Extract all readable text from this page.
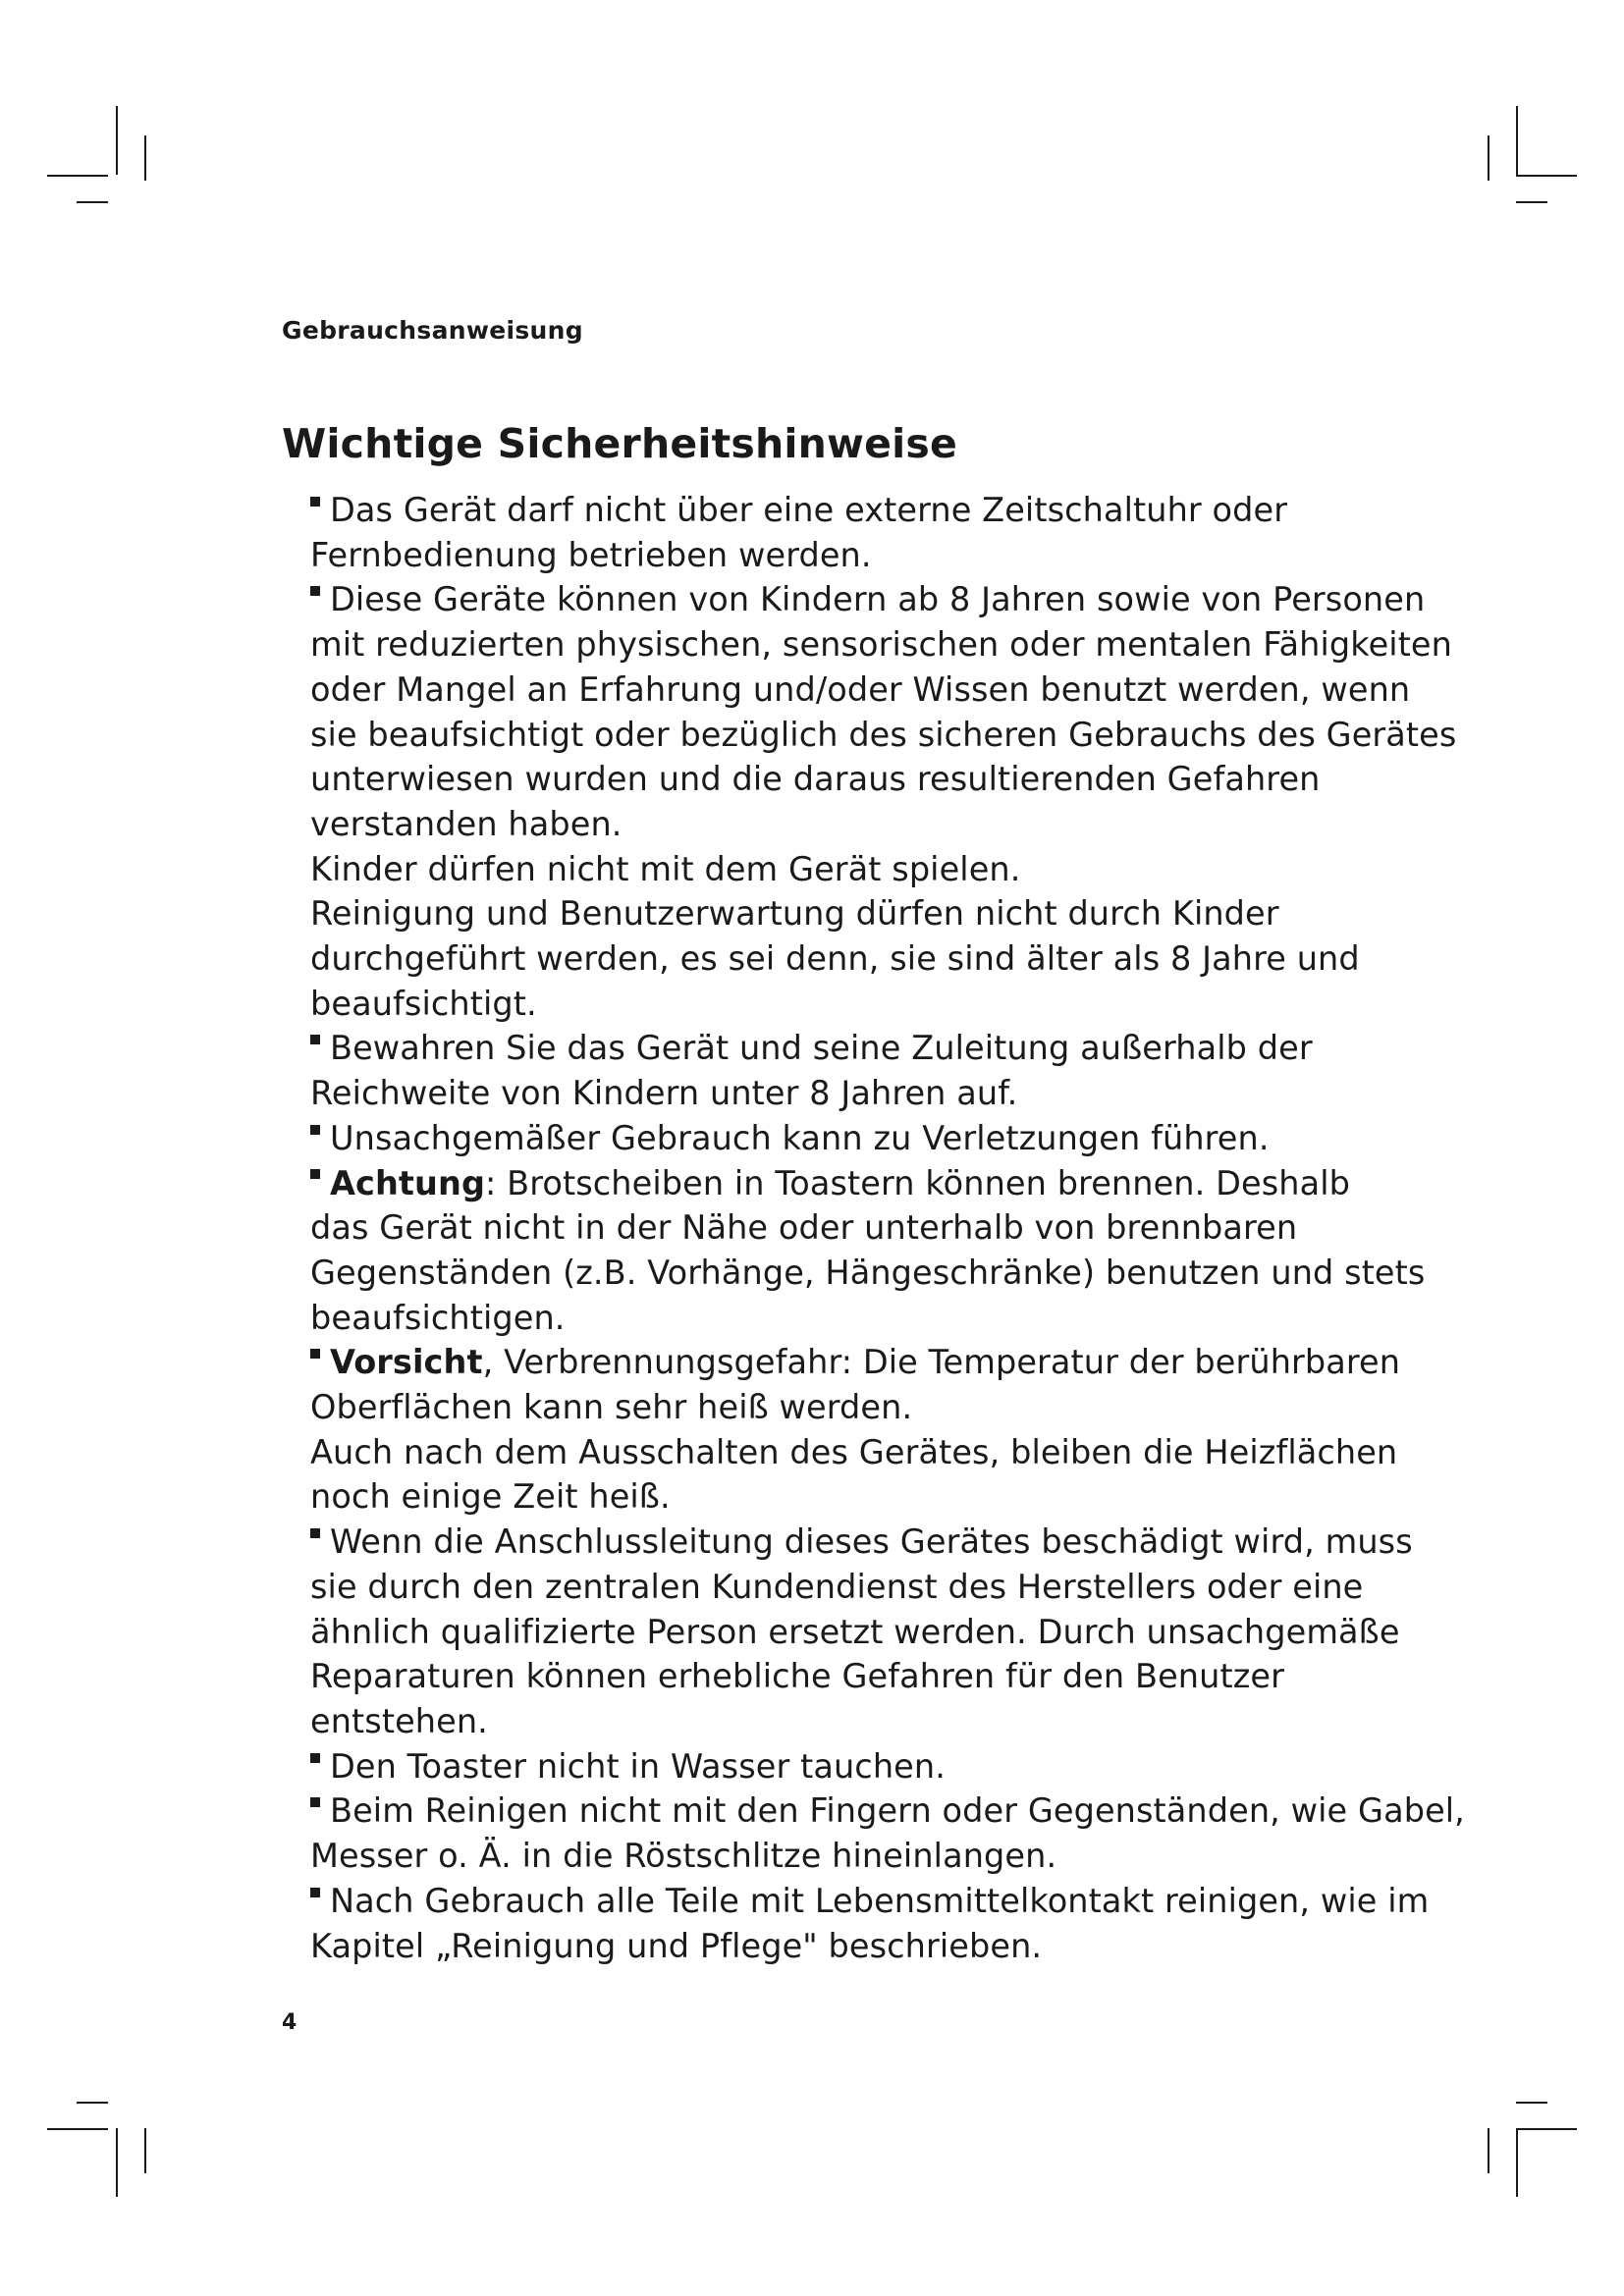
Gebrauchsanweisung

Wichtige Sicherheitshinweise

Das Gerät darf nicht über eine externe Zeitschaltuhr oder
Fernbedienung betrieben werden.

Diese Geräte können von Kindern ab 8 Jahren sowie von Personen
mit reduzierten physischen, sensorischen oder mentalen Fähigkeiten
oder Mangel an Erfahrung und/oder Wissen benutzt werden, wenn
sie beaufsichtigt oder bezüglich des sicheren Gebrauchs des Gerätes
unterwiesen wurden und die daraus resultierenden Gefahren
verstanden haben.

Kinder dürfen nicht mit dem Gerät spielen.

Reinigung und Benutzerwartung dürfen nicht durch Kinder
durchgeführt werden, es sei denn, sie sind älter als 8 Jahre und
beaufsichtigt.

Bewahren Sie das Gerät und seine Zuleitung außerhalb der
Reichweite von Kindern unter 8 Jahren auf.

Unsachgemäßer Gebrauch kann zu Verletzungen führen.

Achtung: Brotscheiben in Toastern können brennen. Deshalb
das Gerät nicht in der Nähe oder unterhalb von brennbaren
Gegenständen (z.B. Vorhänge, Hängeschränke) benutzen und stets
beaufsichtigen.

Vorsicht, Verbrennungsgefahr: Die Temperatur der berührbaren
Oberflächen kann sehr heiß werden.

Auch nach dem Ausschalten des Gerätes, bleiben die Heizflächen
noch einige Zeit heiß.

Wenn die Anschlussleitung dieses Gerätes beschädigt wird, muss
sie durch den zentralen Kundendienst des Herstellers oder eine
ähnlich qualifizierte Person ersetzt werden. Durch unsachgemäße
Reparaturen können erhebliche Gefahren für den Benutzer
entstehen.

Den Toaster nicht in Wasser tauchen.

Beim Reinigen nicht mit den Fingern oder Gegenständen, wie Gabel,
Messer o. Ä. in die Röstschlitze hineinlangen.

Nach Gebrauch alle Teile mit Lebensmittelkontakt reinigen, wie im
Kapitel „Reinigung und Pflege" beschrieben.

4
